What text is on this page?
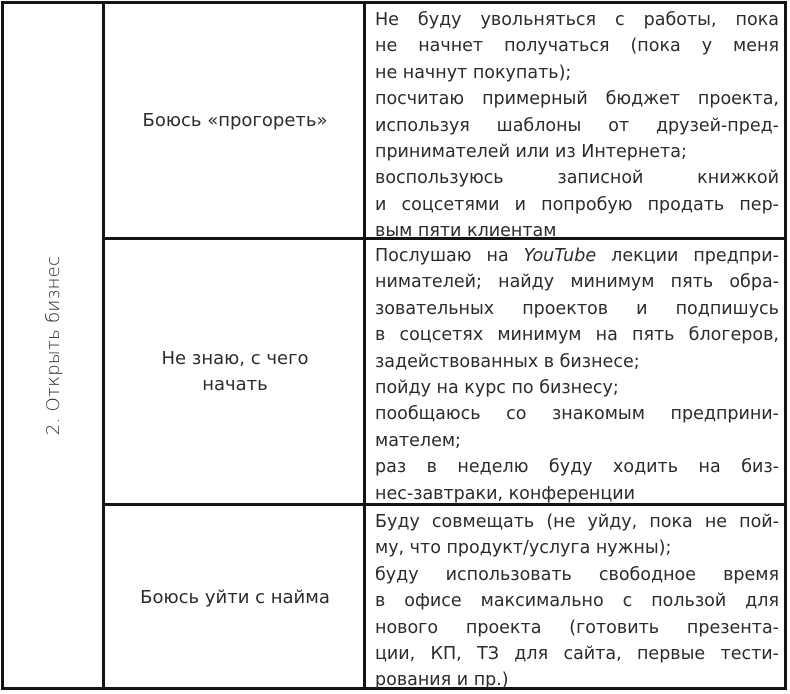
2. Открыть бизнес
Боюсь «прогореть»
Не буду увольняться с работы, пока
не начнет получаться (пока у меня
не начнут покупать);
посчитаю примерный бюджет проекта,
используя шаблоны от друзей-пред-
принимателей или из Интернета;
воспользуюсь записной книжкой
и соцсетями и попробую продать пер-
вым пяти клиентам
Не знаю, с чего
начать
Послушаю на YouTube лекции предпри-
нимателей; найду минимум пять обра-
зовательных проектов и подпишусь
в соцсетях минимум на пять блогеров,
задействованных в бизнесе;
пойду на курс по бизнесу;
пообщаюсь со знакомым предприни-
мателем;
раз в неделю буду ходить на биз-
нес-завтраки, конференции
Боюсь уйти с найма
Буду совмещать (не уйду, пока не пой-
му, что продукт/услуга нужны);
буду использовать свободное время
в офисе максимально с пользой для
нового проекта (готовить презента-
ции, КП, ТЗ для сайта, первые тести-
рования и пр.)
